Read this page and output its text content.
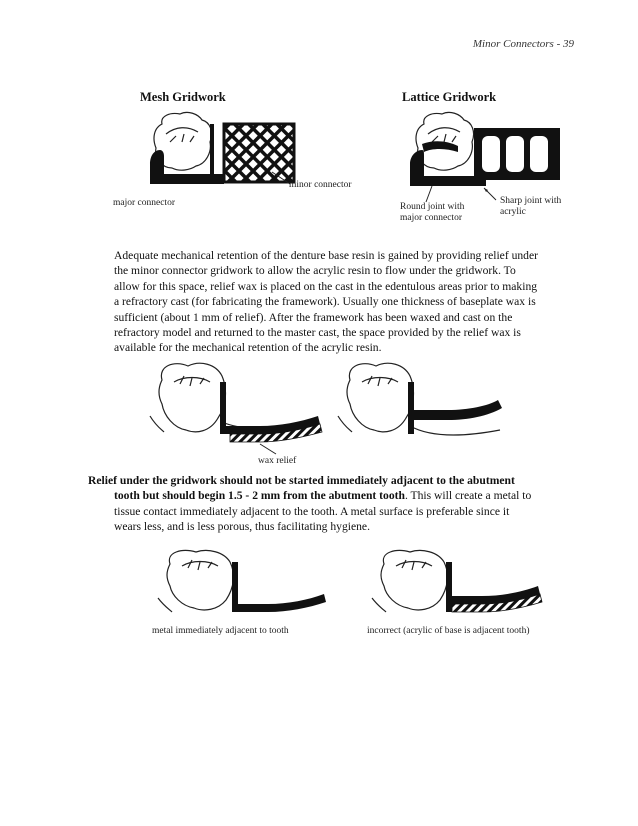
Minor Connectors - 39
Mesh Gridwork	Lattice Gridwork
major connector
minor connector
Round joint with
major connector
Sharp joint with
acrylic
Adequate mechanical retention of the denture base resin is gained by providing relief under
the minor connector gridwork to allow the acrylic resin to flow under the gridwork. To
allow for this space, relief wax is placed on the cast in the edentulous areas prior to making
a refractory cast (for fabricating the framework). Usually one thickness of baseplate wax is
sufficient (about 1 mm of relief). After the framework has been waxed and cast on the
refractory model and returned to the master cast, the space provided by the relief wax is
available for the mechanical retention of the acrylic resin.
wax relief
Relief under the gridwork should not be started immediately adjacent to the abutment
tooth but should begin 1.5 - 2 mm from the abutment tooth. This will create a metal to
tissue contact immediately adjacent to the tooth. A metal surface is preferable since it
wears less, and is less porous, thus facilitating hygiene.
metal immediately adjacent to tooth	incorrect (acrylic of base is adjacent tooth)
